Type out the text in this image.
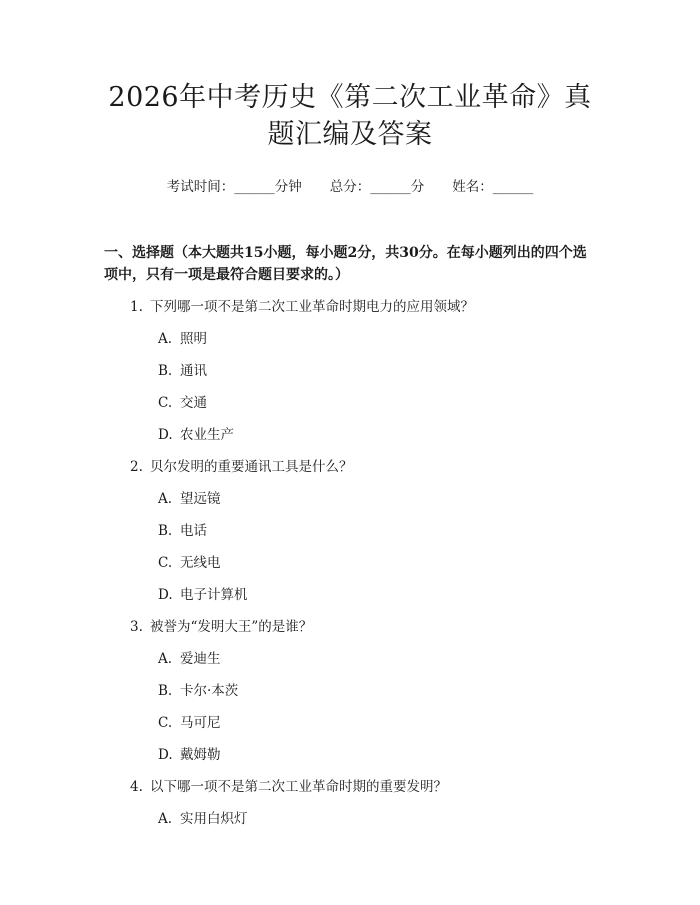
2026年中考历史《第二次工业革命》真题汇编及答案
考试时间：______分钟 总分：______分 姓名：______
一、选择题（本大题共15小题，每小题2分，共30分。在每小题列出的四个选项中，只有一项是最符合题目要求的。）
1. 下列哪一项不是第二次工业革命时期电力的应用领域？
A. 照明
B. 通讯
C. 交通
D. 农业生产
2. 贝尔发明的重要通讯工具是什么？
A. 望远镜
B. 电话
C. 无线电
D. 电子计算机
3. 被誉为“发明大王”的是谁？
A. 爱迪生
B. 卡尔·本茨
C. 马可尼
D. 戴姆勒
4. 以下哪一项不是第二次工业革命时期的重要发明？
A. 实用白炽灯
